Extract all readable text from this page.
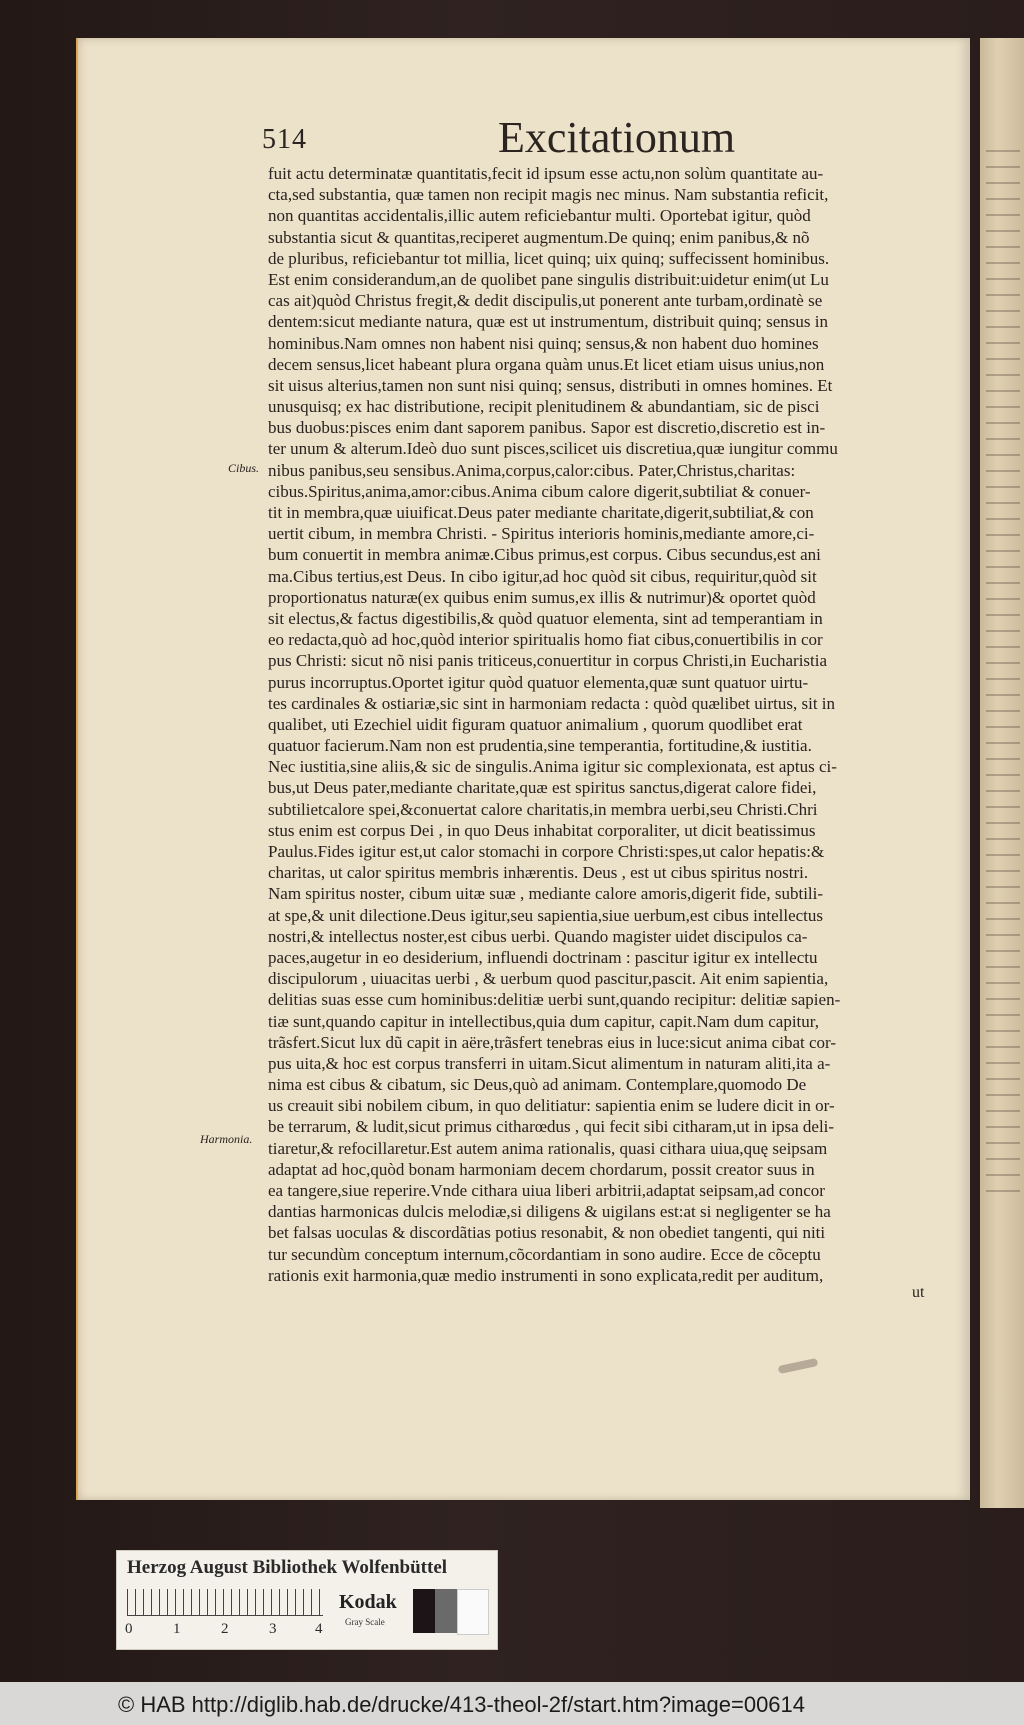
514	Excitationum
fuit actu determinatæ quantitatis,fecit id ipsum esse actu,non solùm quantitate au-
cta,sed substantia, quæ tamen non recipit magis nec minus. Nam substantia reficit,
non quantitas accidentalis,illic autem reficiebantur multi. Oportebat igitur, quòd
substantia sicut & quantitas,reciperet augmentum.De quinq; enim panibus,& nõ
de pluribus, reficiebantur tot millia, licet quinq; uix quinq; suffecissent hominibus.
Est enim considerandum,an de quolibet pane singulis distribuit:uidetur enim(ut Lu
cas ait)quòd Christus fregit,& dedit discipulis,ut ponerent ante turbam,ordinatè se
dentem:sicut mediante natura, quæ est ut instrumentum, distribuit quinq; sensus in
hominibus.Nam omnes non habent nisi quinq; sensus,& non habent duo homines
decem sensus,licet habeant plura organa quàm unus.Et licet etiam uisus unius,non
sit uisus alterius,tamen non sunt nisi quinq; sensus, distributi in omnes homines. Et
unusquisq; ex hac distributione, recipit plenitudinem & abundantiam, sic de pisci
bus duobus:pisces enim dant saporem panibus. Sapor est discretio,discretio est in-
ter unum & alterum.Ideò duo sunt pisces,scilicet uis discretiua,quæ iungitur commu
nibus panibus,seu sensibus.Anima,corpus,calor:cibus. Pater,Christus,charitas:
cibus.Spiritus,anima,amor:cibus.Anima cibum calore digerit,subtiliat & conuer-
tit in membra,quæ uiuificat.Deus pater mediante charitate,digerit,subtiliat,& con
uertit cibum, in membra Christi. - Spiritus interioris hominis,mediante amore,ci-
bum conuertit in membra animæ.Cibus primus,est corpus. Cibus secundus,est ani
ma.Cibus tertius,est Deus. In cibo igitur,ad hoc quòd sit cibus, requiritur,quòd sit
proportionatus naturæ(ex quibus enim sumus,ex illis & nutrimur)& oportet quòd
sit electus,& factus digestibilis,& quòd quatuor elementa, sint ad temperantiam in
eo redacta,quò ad hoc,quòd interior spiritualis homo fiat cibus,conuertibilis in cor
pus Christi: sicut nõ nisi panis triticeus,conuertitur in corpus Christi,in Eucharistia
purus incorruptus.Oportet igitur quòd quatuor elementa,quæ sunt quatuor uirtu-
tes cardinales & ostiariæ,sic sint in harmoniam redacta : quòd quælibet uirtus, sit in
qualibet, uti Ezechiel uidit figuram quatuor animalium , quorum quodlibet erat
quatuor facierum.Nam non est prudentia,sine temperantia, fortitudine,& iustitia.
Nec iustitia,sine aliis,& sic de singulis.Anima igitur sic complexionata, est aptus ci-
bus,ut Deus pater,mediante charitate,quæ est spiritus sanctus,digerat calore fidei,
subtilietcalore spei,&conuertat calore charitatis,in membra uerbi,seu Christi.Chri
stus enim est corpus Dei , in quo Deus inhabitat corporaliter, ut dicit beatissimus
Paulus.Fides igitur est,ut calor stomachi in corpore Christi:spes,ut calor hepatis:&
charitas, ut calor spiritus membris inhærentis. Deus , est ut cibus spiritus nostri.
Nam spiritus noster, cibum uitæ suæ , mediante calore amoris,digerit fide, subtili-
at spe,& unit dilectione.Deus igitur,seu sapientia,siue uerbum,est cibus intellectus
nostri,& intellectus noster,est cibus uerbi. Quando magister uidet discipulos ca-
paces,augetur in eo desiderium, influendi doctrinam : pascitur igitur ex intellectu
discipulorum , uiuacitas uerbi , & uerbum quod pascitur,pascit. Ait enim sapientia,
delitias suas esse cum hominibus:delitiæ uerbi sunt,quando recipitur: delitiæ sapien-
tiæ sunt,quando capitur in intellectibus,quia dum capitur, capit.Nam dum capitur,
trãsfert.Sicut lux dũ capit in aëre,trãsfert tenebras eius in luce:sicut anima cibat cor-
pus uita,& hoc est corpus transferri in uitam.Sicut alimentum in naturam aliti,ita a-
nima est cibus & cibatum, sic Deus,quò ad animam. Contemplare,quomodo De
us creauit sibi nobilem cibum, in quo delitiatur: sapientia enim se ludere dicit in or-
be terrarum, & ludit,sicut primus citharœdus , qui fecit sibi citharam,ut in ipsa deli-
tiaretur,& refocillaretur.Est autem anima rationalis, quasi cithara uiua,quę seipsam
adaptat ad hoc,quòd bonam harmoniam decem chordarum, possit creator suus in
ea tangere,siue reperire.Vnde cithara uiua liberi arbitrii,adaptat seipsam,ad concor
dantias harmonicas dulcis melodiæ,si diligens & uigilans est:at si negligenter se ha
bet falsas uoculas & discordãtias potius resonabit, & non obediet tangenti, qui niti
tur secundùm conceptum internum,cõcordantiam in sono audire. Ecce de cõceptu
rationis exit harmonia,quæ medio instrumenti in sono explicata,redit per auditum,
Cibus.
Harmonia.
ut
Herzog August Bibliothek Wolfenbüttel
0	1	2	3	4
Kodak
Gray Scale
© HAB http://diglib.hab.de/drucke/413-theol-2f/start.htm?image=00614
